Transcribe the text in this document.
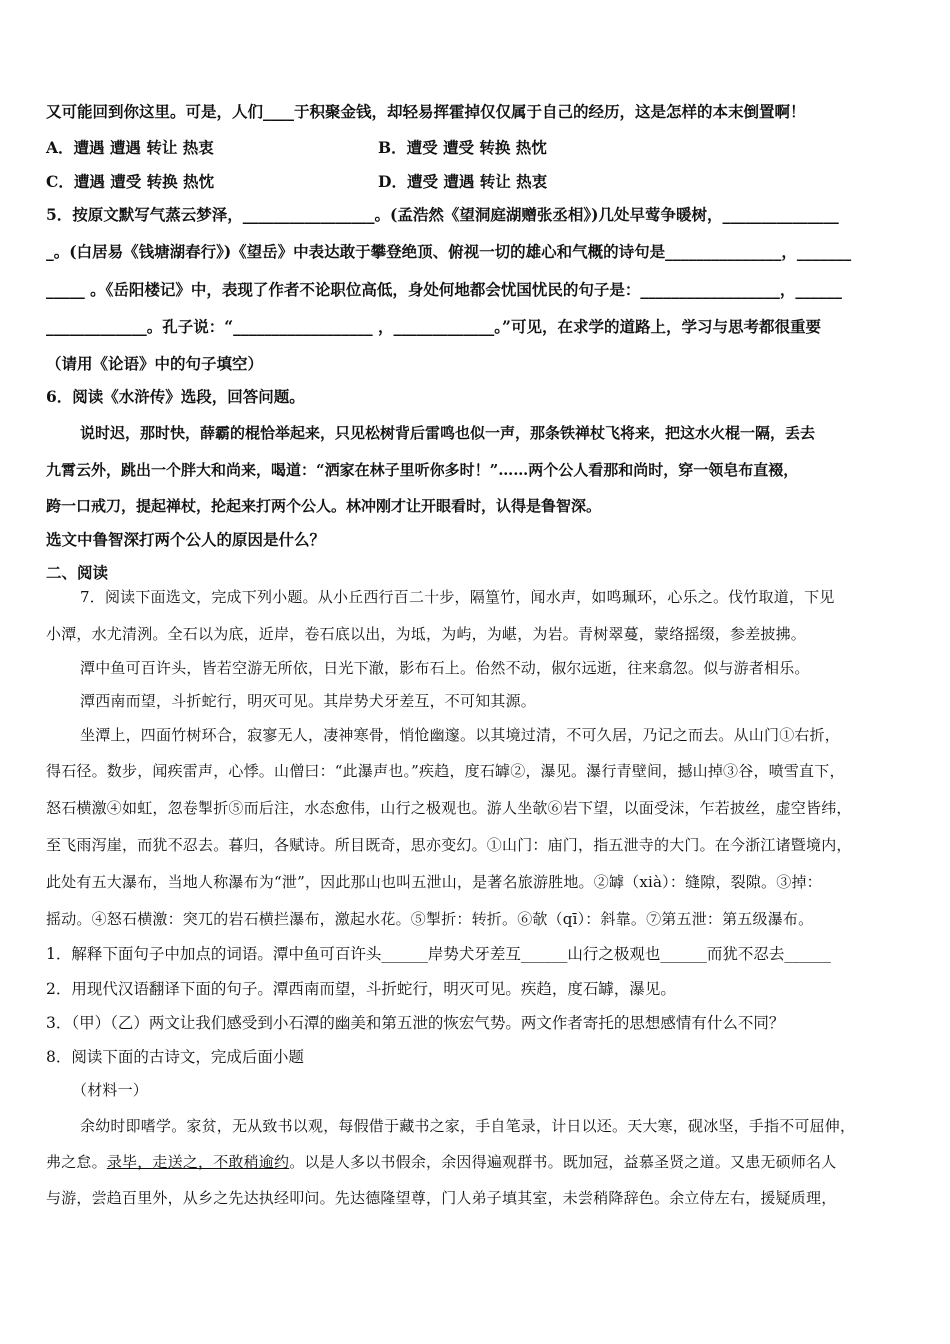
又可能回到你这里。可是，人们____于积聚金钱，却轻易挥霍掉仅仅属于自己的经历，这是怎样的本末倒置啊！
A．遭遇 遭遇 转让 热衷	B．遭受 遭受 转换 热忱
C．遭遇 遭受 转换 热忱	D．遭受 遭遇 转让 热衷
5．按原文默写气蒸云梦泽，_________________。(孟浩然《望洞庭湖赠张丞相》)几处早莺争暖树，_______________
_。(白居易《钱塘湖春行》)《望岳》中表达敢于攀登绝顶、俯视一切的雄心和气概的诗句是_______________，_______
_____ 。《岳阳楼记》中，表现了作者不论职位高低，身处何地都会忧国忧民的句子是：__________________，______
_____________。孔子说：“__________________ ，_____________。”可见，在求学的道路上，学习与思考都很重要
（请用《论语》中的句子填空）
6．阅读《水浒传》选段，回答问题。
说时迟，那时快，薛霸的棍恰举起来，只见松树背后雷鸣也似一声，那条铁禅杖飞将来，把这水火棍一隔，丢去
九霄云外，跳出一个胖大和尚来，喝道：“洒家在林子里听你多时！”……两个公人看那和尚时，穿一领皂布直裰，
跨一口戒刀，提起禅杖，抡起来打两个公人。林冲刚才让开眼看时，认得是鲁智深。
选文中鲁智深打两个公人的原因是什么？
二、阅读
7．阅读下面选文，完成下列小题。从小丘西行百二十步，隔篁竹，闻水声，如鸣珮环，心乐之。伐竹取道，下见
小潭，水尤清洌。全石以为底，近岸，卷石底以出，为坻，为屿，为嵁，为岩。青树翠蔓，蒙络摇缀，参差披拂。
潭中鱼可百许头，皆若空游无所依，日光下澈，影布石上。佁然不动，俶尔远逝，往来翕忽。似与游者相乐。
潭西南而望，斗折蛇行，明灭可见。其岸势犬牙差互，不可知其源。
坐潭上，四面竹树环合，寂寥无人，凄神寒骨，悄怆幽邃。以其境过清，不可久居，乃记之而去。从山门①右折，
得石径。数步，闻疾雷声，心悸。山僧曰：“此瀑声也。”疾趋，度石罅②，瀑见。瀑行青壁间，撼山掉③谷，喷雪直下，
怒石横激④如虹，忽卷掣折⑤而后注，水态愈伟，山行之极观也。游人坐欹⑥岩下望，以面受沫，乍若披丝，虚空皆纬，
至飞雨泻崖，而犹不忍去。暮归，各赋诗。所目既奇，思亦变幻。①山门：庙门，指五泄寺的大门。在今浙江诸暨境内，
此处有五大瀑布，当地人称瀑布为“泄”，因此那山也叫五泄山，是著名旅游胜地。②罅（xià）：缝隙，裂隙。③掉：
摇动。④怒石横激：突兀的岩石横拦瀑布，激起水花。⑤掣折：转折。⑥欹（qī）：斜靠。⑦第五泄：第五级瀑布。
1．解释下面句子中加点的词语。潭中鱼可百许头______岸势犬牙差互______山行之极观也______而犹不忍去______
2．用现代汉语翻译下面的句子。潭西南而望，斗折蛇行，明灭可见。疾趋，度石罅，瀑见。
3．（甲）（乙）两文让我们感受到小石潭的幽美和第五泄的恢宏气势。两文作者寄托的思想感情有什么不同？
8．阅读下面的古诗文，完成后面小题
（材料一）
余幼时即嗜学。家贫，无从致书以观，每假借于藏书之家，手自笔录，计日以还。天大寒，砚冰坚，手指不可屈伸，
弗之怠。录毕，走送之，不敢稍逾约。以是人多以书假余，余因得遍观群书。既加冠，益慕圣贤之道。又患无硕师名人
与游，尝趋百里外，从乡之先达执经叩问。先达德隆望尊，门人弟子填其室，未尝稍降辞色。余立侍左右，援疑质理，
